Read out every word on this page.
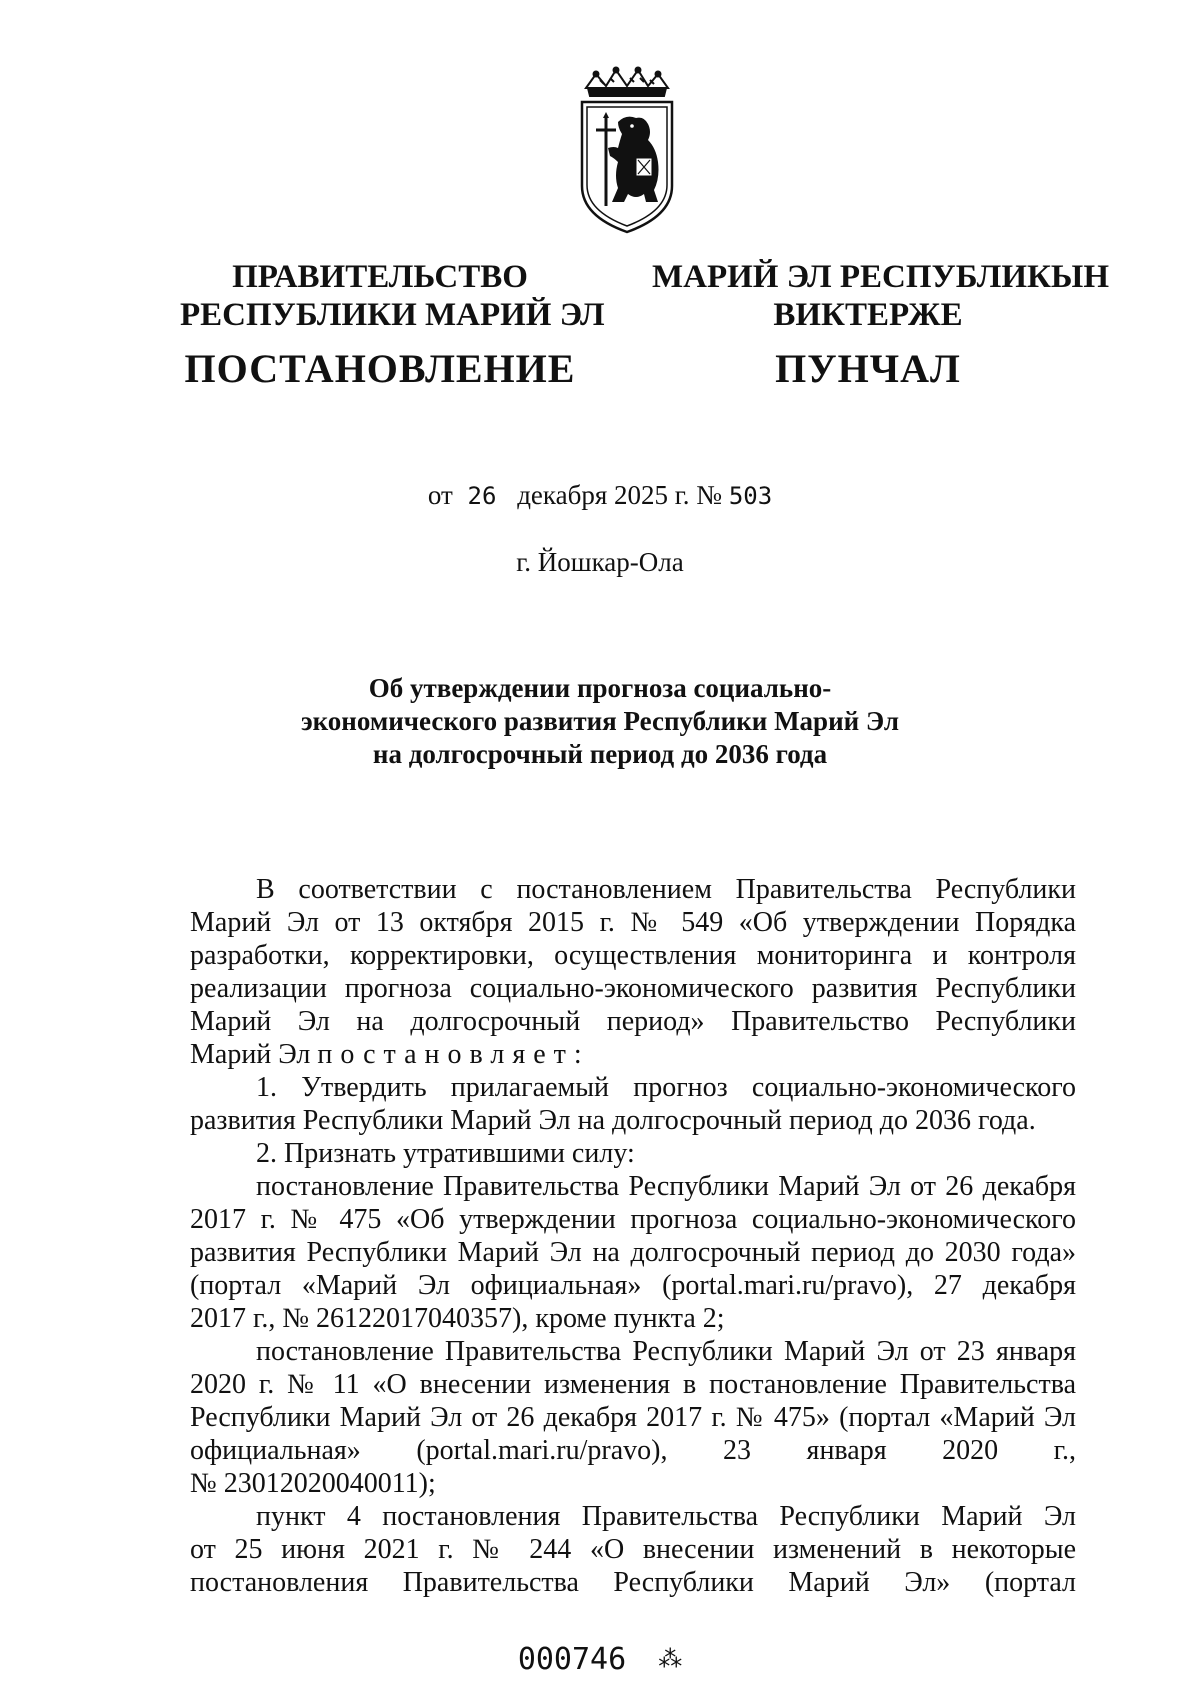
ПРАВИТЕЛЬСТВО
РЕСПУБЛИКИ МАРИЙ ЭЛ
ПОСТАНОВЛЕНИЕ
МАРИЙ ЭЛ РЕСПУБЛИКЫН
ВИКТЕРЖЕ
ПУНЧАЛ
от 26 декабря 2025 г. № 503
г. Йошкар-Ола
Об утверждении прогноза социально-
экономического развития Республики Марий Эл
на долгосрочный период до 2036 года
В соответствии с постановлением Правительства Республики
Марий Эл от 13 октября 2015 г. № 549 «Об утверждении Порядка
разработки, корректировки, осуществления мониторинга и контроля
реализации прогноза социально-экономического развития Республики
Марий Эл на долгосрочный период» Правительство Республики
Марий Эл постановляет:
1. Утвердить прилагаемый прогноз социально-экономического
развития Республики Марий Эл на долгосрочный период до 2036 года.
2. Признать утратившими силу:
постановление Правительства Республики Марий Эл от 26 декабря
2017 г. № 475 «Об утверждении прогноза социально-экономического
развития Республики Марий Эл на долгосрочный период до 2030 года»
(портал «Марий Эл официальная» (portal.mari.ru/pravo), 27 декабря
2017 г., № 26122017040357), кроме пункта 2;
постановление Правительства Республики Марий Эл от 23 января
2020 г. № 11 «О внесении изменения в постановление Правительства
Республики Марий Эл от 26 декабря 2017 г. № 475» (портал «Марий Эл
официальная» (portal.mari.ru/pravo), 23 января 2020 г.,
№ 23012020040011);
пункт 4 постановления Правительства Республики Марий Эл
от 25 июня 2021 г. № 244 «О внесении изменений в некоторые
постановления Правительства Республики Марий Эл» (портал
000746 ⁂
